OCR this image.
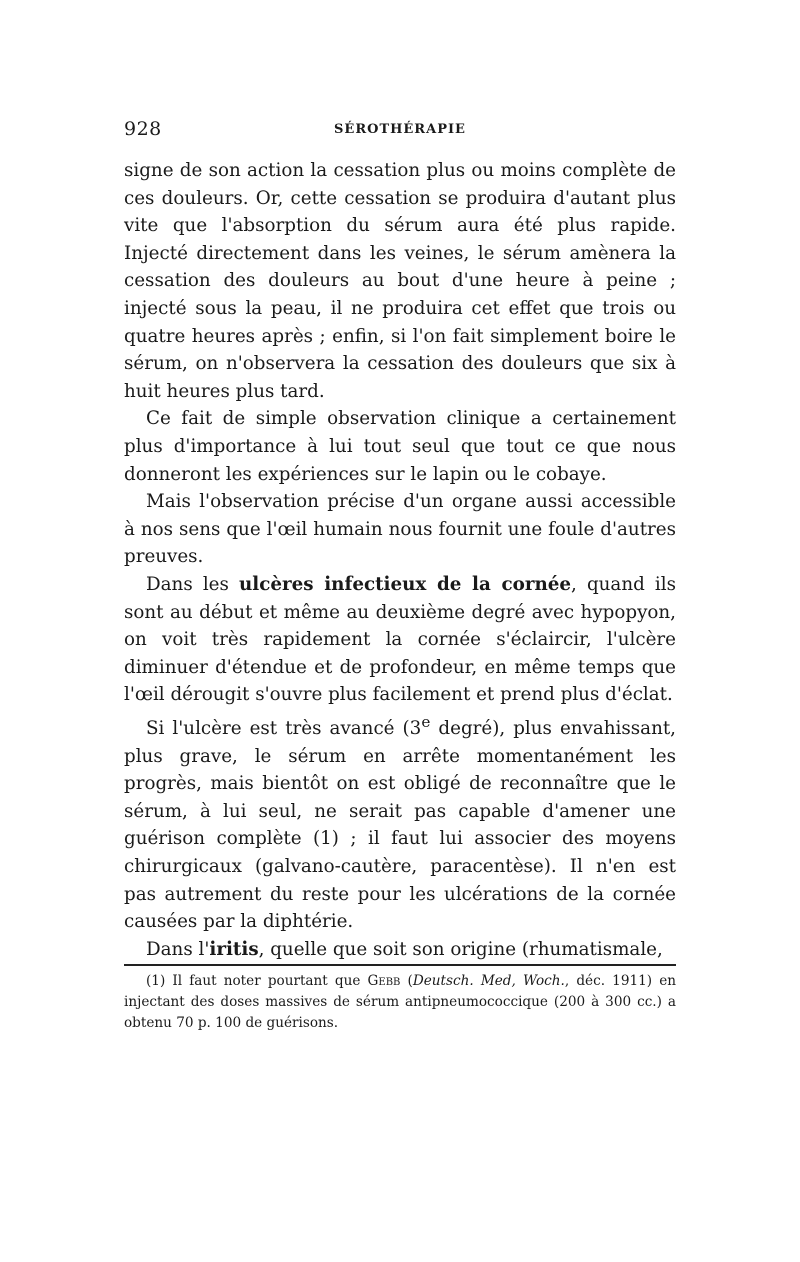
928	SÉROTHÉRAPIE

signe de son action la cessation plus ou moins complète de ces douleurs. Or, cette cessation se produira d'autant plus vite que l'absorption du sérum aura été plus rapide. Injecté directement dans les veines, le sérum amènera la cessation des douleurs au bout d'une heure à peine ; injecté sous la peau, il ne produira cet effet que trois ou quatre heures après ; enfin, si l'on fait simplement boire le sérum, on n'observera la cessation des douleurs que six à huit heures plus tard.

Ce fait de simple observation clinique a certainement plus d'importance à lui tout seul que tout ce que nous donneront les expériences sur le lapin ou le cobaye.

Mais l'observation précise d'un organe aussi accessible à nos sens que l'œil humain nous fournit une foule d'autres preuves.

Dans les ulcères infectieux de la cornée, quand ils sont au début et même au deuxième degré avec hypopyon, on voit très rapidement la cornée s'éclaircir, l'ulcère diminuer d'étendue et de profondeur, en même temps que l'œil dérougit s'ouvre plus facilement et prend plus d'éclat.

Si l'ulcère est très avancé (3e degré), plus envahissant, plus grave, le sérum en arrête momentanément les progrès, mais bientôt on est obligé de reconnaître que le sérum, à lui seul, ne serait pas capable d'amener une guérison complète (1) ; il faut lui associer des moyens chirurgicaux (galvano-cautère, paracentèse). Il n'en est pas autrement du reste pour les ulcérations de la cornée causées par la diphtérie.

Dans l'iritis, quelle que soit son origine (rhumatismale,

(1) Il faut noter pourtant que Gebb (Deutsch. Med, Woch., déc. 1911) en injectant des doses massives de sérum antipneumococcique (200 à 300 cc.) a obtenu 70 p. 100 de guérisons.
